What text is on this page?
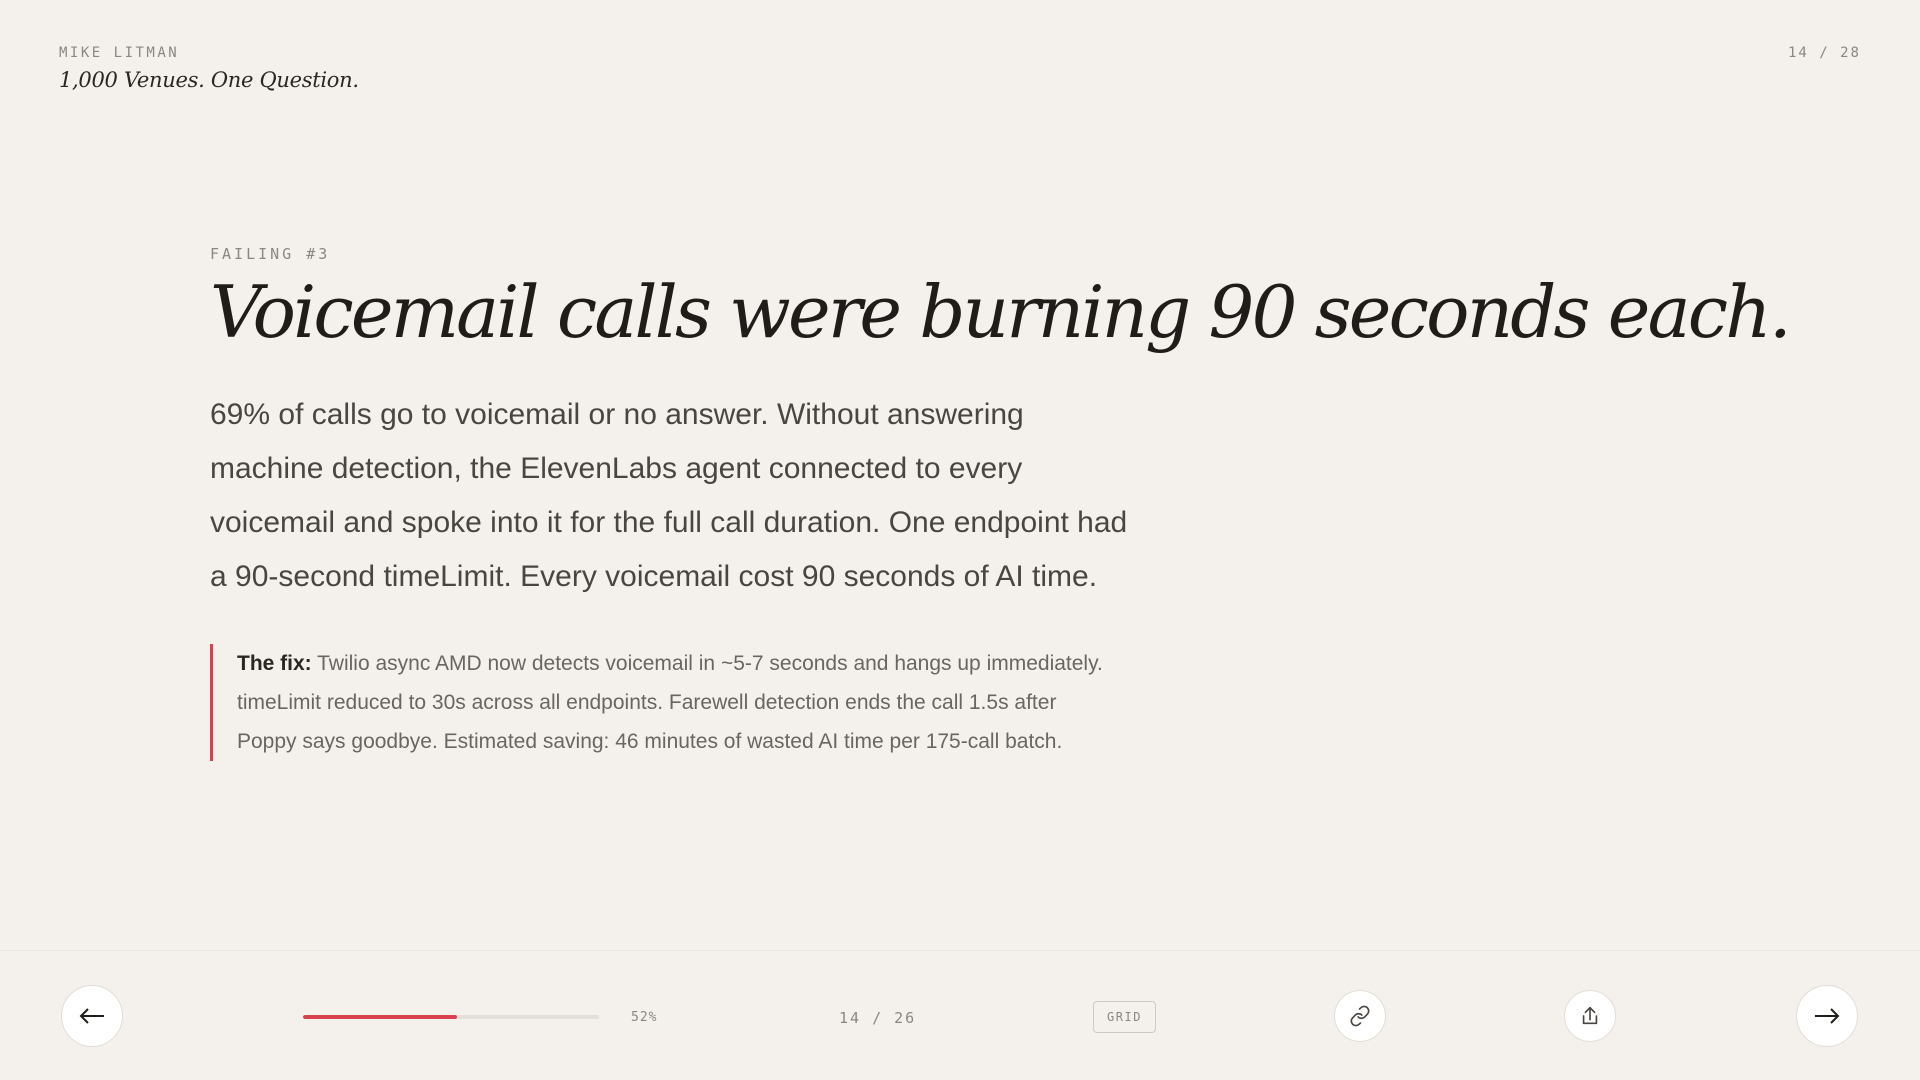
MIKE LITMAN
1,000 Venues. One Question.
14 / 28
FAILING #3
Voicemail calls were burning 90 seconds each.
69% of calls go to voicemail or no answer. Without answering machine detection, the ElevenLabs agent connected to every voicemail and spoke into it for the full call duration. One endpoint had a 90-second timeLimit. Every voicemail cost 90 seconds of AI time.
The fix: Twilio async AMD now detects voicemail in ~5-7 seconds and hangs up immediately. timeLimit reduced to 30s across all endpoints. Farewell detection ends the call 1.5s after Poppy says goodbye. Estimated saving: 46 minutes of wasted AI time per 175-call batch.
52%	14 / 26	GRID
